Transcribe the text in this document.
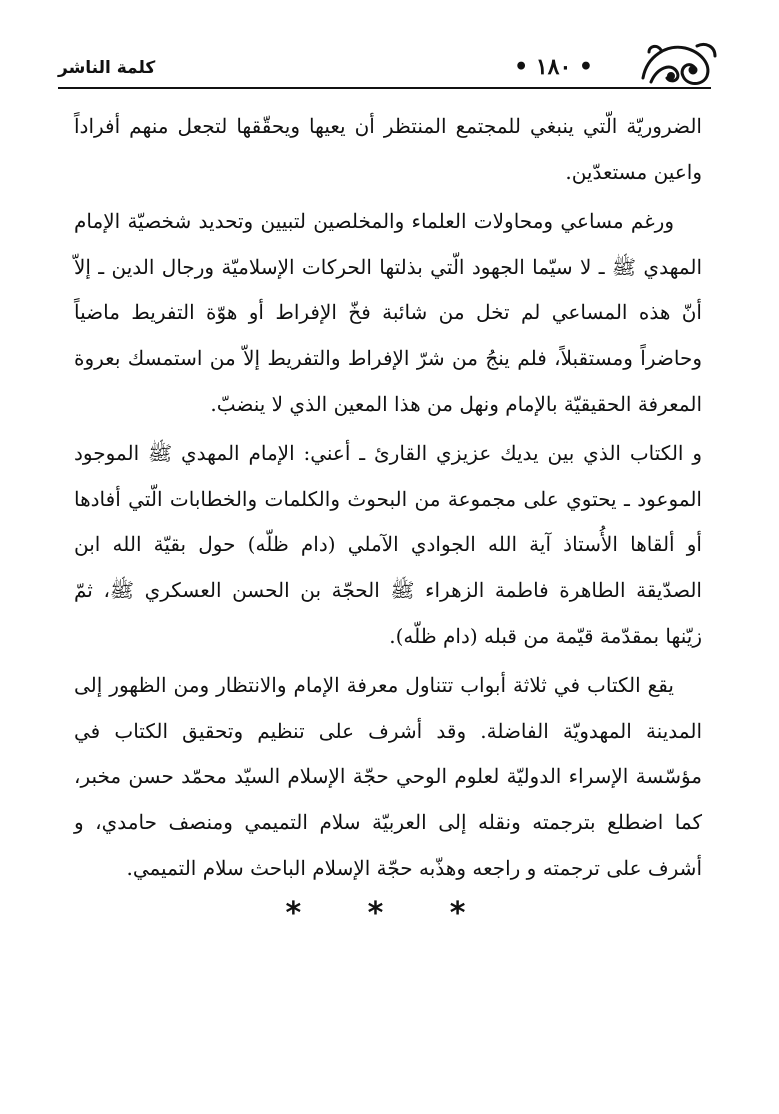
• ١٨٠ •
كلمة الناشر

الضروريّة الّتي ينبغي للمجتمع المنتظر أن يعيها ويحقّقها لتجعل منهم أفراداً واعين مستعدّين.

ورغم مساعي ومحاولات العلماء والمخلصين لتبيين وتحديد شخصيّة الإمام المهدي ﷺ ـ لا سيّما الجهود الّتي بذلتها الحركات الإسلاميّة ورجال الدين ـ إلاّ أنّ هذه المساعي لم تخل من شائبة فخّ الإفراط أو هوّة التفريط ماضياً وحاضراً ومستقبلاً، فلم ينجُ من شرّ الإفراط والتفريط إلاّ من استمسك بعروة المعرفة الحقيقيّة بالإمام ونهل من هذا المعين الذي لا ينضبّ.

و الكتاب الذي بين يديك عزيزي القارئ ـ أعني: الإمام المهدي ﷺ الموجود الموعود ـ يحتوي على مجموعة من البحوث والكلمات والخطابات الّتي أفادها أو ألقاها الأُستاذ آية الله الجوادي الآملي (دام ظلّه) حول بقيّة الله ابن الصدّيقة الطاهرة فاطمة الزهراء ﷺ الحجّة بن الحسن العسكري ﷺ، ثمّ زيّنها بمقدّمة قيّمة من قبله (دام ظلّه).

يقع الكتاب في ثلاثة أبواب تتناول معرفة الإمام والانتظار ومن الظهور إلى المدينة المهدويّة الفاضلة. وقد أشرف على تنظيم وتحقيق الكتاب في مؤسّسة الإسراء الدوليّة لعلوم الوحي حجّة الإسلام السيّد محمّد حسن مخبر، كما اضطلع بترجمته ونقله إلى العربيّة سلام التميمي ومنصف حامدي، و أشرف على ترجمته و راجعه وهذّبه حجّة الإسلام الباحث سلام التميمي.

* * *
